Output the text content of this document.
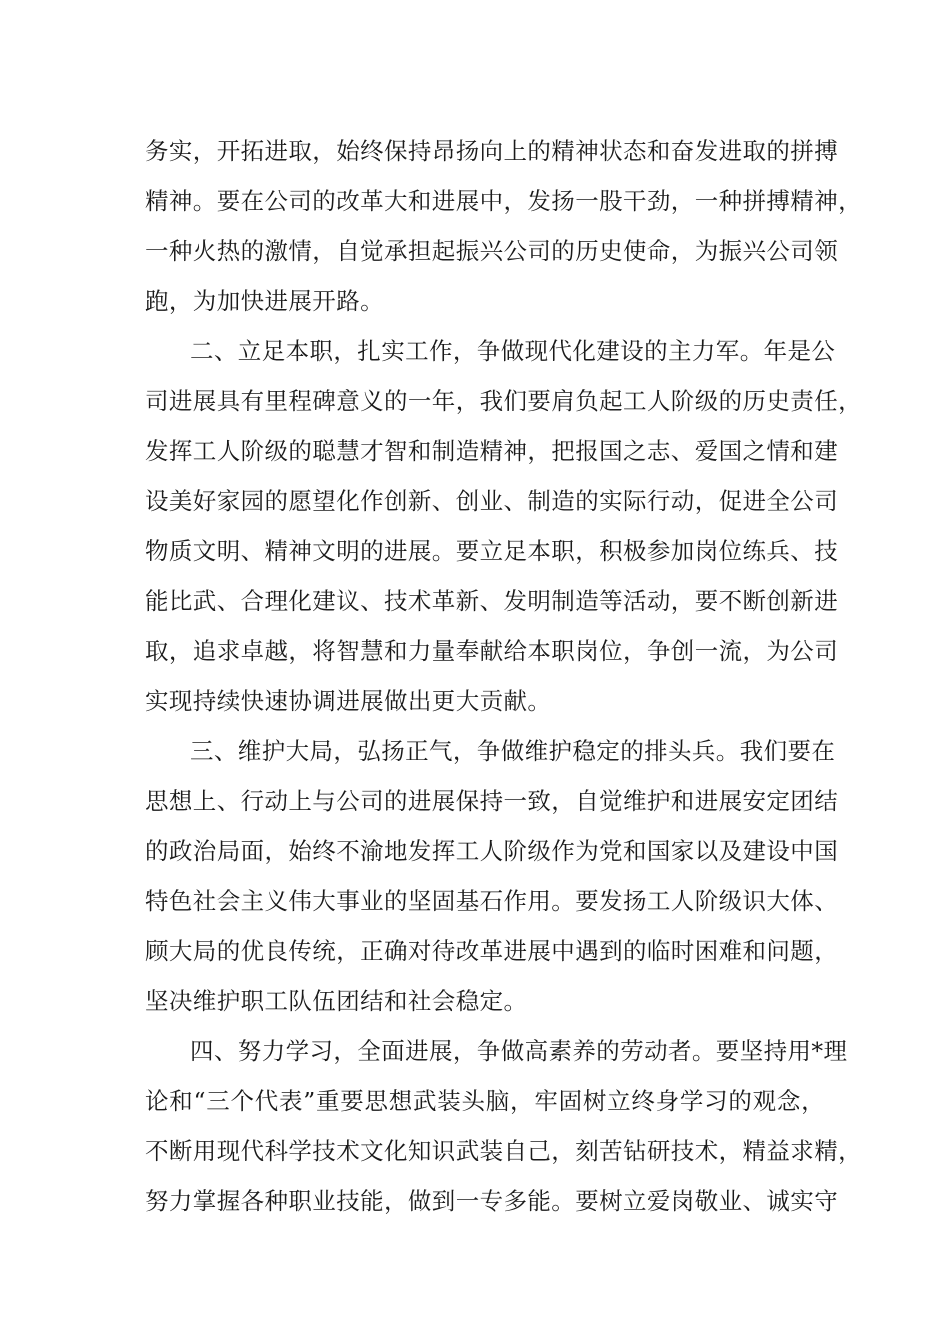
务实，开拓进取，始终保持昂扬向上的精神状态和奋发进取的拼搏
精神。要在公司的改革大和进展中，发扬一股干劲，一种拼搏精神，
一种火热的激情，自觉承担起振兴公司的历史使命，为振兴公司领
跑，为加快进展开路。
二、立足本职，扎实工作，争做现代化建设的主力军。年是公
司进展具有里程碑意义的一年，我们要肩负起工人阶级的历史责任，
发挥工人阶级的聪慧才智和制造精神，把报国之志、爱国之情和建
设美好家园的愿望化作创新、创业、制造的实际行动，促进全公司
物质文明、精神文明的进展。要立足本职，积极参加岗位练兵、技
能比武、合理化建议、技术革新、发明制造等活动，要不断创新进
取，追求卓越，将智慧和力量奉献给本职岗位，争创一流，为公司
实现持续快速协调进展做出更大贡献。
三、维护大局，弘扬正气，争做维护稳定的排头兵。我们要在
思想上、行动上与公司的进展保持一致，自觉维护和进展安定团结
的政治局面，始终不渝地发挥工人阶级作为党和国家以及建设中国
特色社会主义伟大事业的坚固基石作用。要发扬工人阶级识大体、
顾大局的优良传统，正确对待改革进展中遇到的临时困难和问题，
坚决维护职工队伍团结和社会稳定。
四、努力学习，全面进展，争做高素养的劳动者。要坚持用*理
论和“三个代表”重要思想武装头脑，牢固树立终身学习的观念，
不断用现代科学技术文化知识武装自己，刻苦钻研技术，精益求精，
努力掌握各种职业技能，做到一专多能。要树立爱岗敬业、诚实守
